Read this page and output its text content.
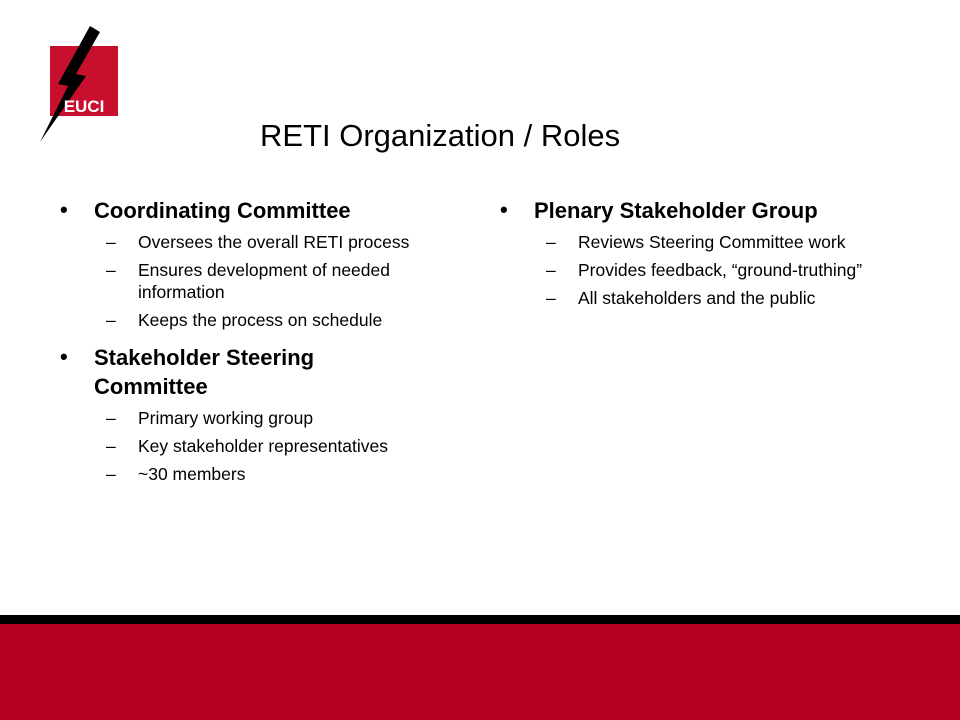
EUCI
RETI Organization / Roles
• Coordinating Committee
– Oversees the overall RETI process
– Ensures development of needed information
– Keeps the process on schedule
• Stakeholder Steering Committee
– Primary working group
– Key stakeholder representatives
– ~30 members
• Plenary Stakeholder Group
– Reviews Steering Committee work
– Provides feedback, “ground-truthing”
– All stakeholders and the public
